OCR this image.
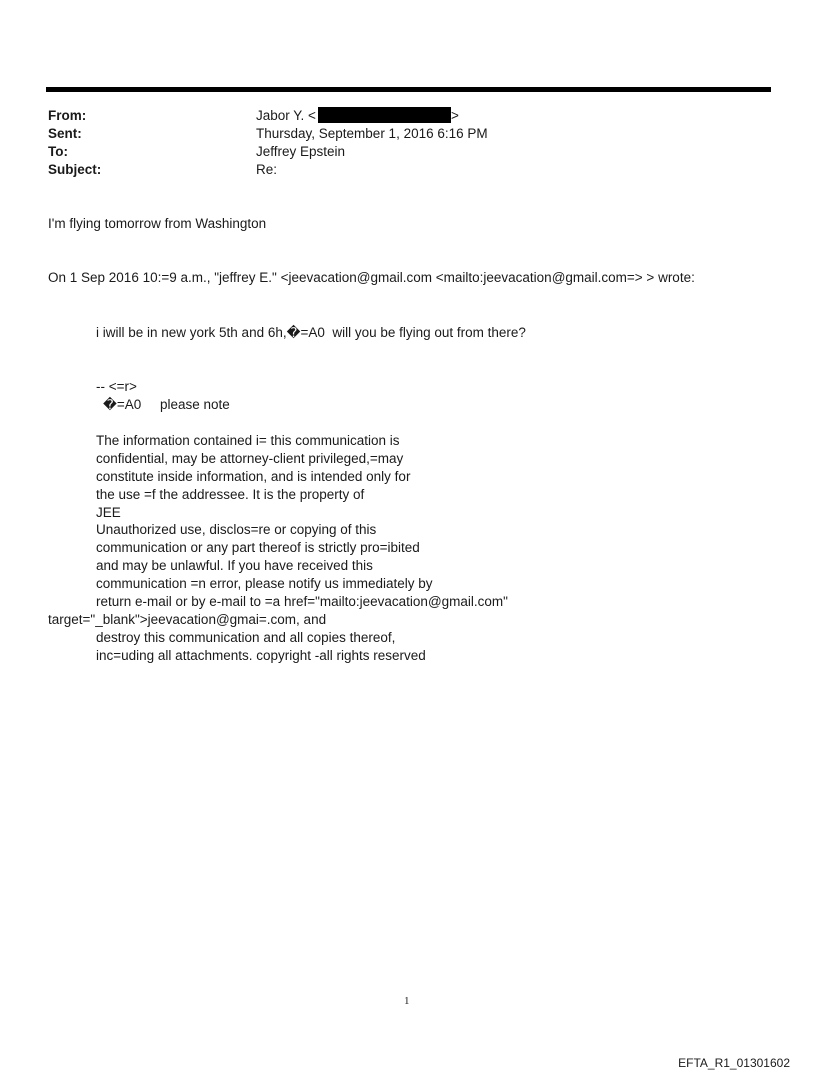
From:	Jabor Y. <	>
Sent:	Thursday, September 1, 2016 6:16 PM
To:	Jeffrey Epstein
Subject:	Re:
I'm flying tomorrow from Washington
On 1 Sep 2016 10:=9 a.m., "jeffrey E." <jeevacation@gmail.com <mailto:jeevacation@gmail.com=> > wrote:
i iwill be in new york 5th and 6h,�=A0  will you be flying out from there?
-- <=r>
�=A0     please note
The information contained i= this communication is
confidential, may be attorney-client privileged,=may
constitute inside information, and is intended only for
the use =f the addressee. It is the property of
JEE
Unauthorized use, disclos=re or copying of this
communication or any part thereof is strictly pro=ibited
and may be unlawful. If you have received this
communication =n error, please notify us immediately by
return e-mail or by e-mail to =a href="mailto:jeevacation@gmail.com"
target="_blank">jeevacation@gmai=.com, and
destroy this communication and all copies thereof,
inc=uding all attachments. copyright -all rights reserved
1
EFTA_R1_01301602
